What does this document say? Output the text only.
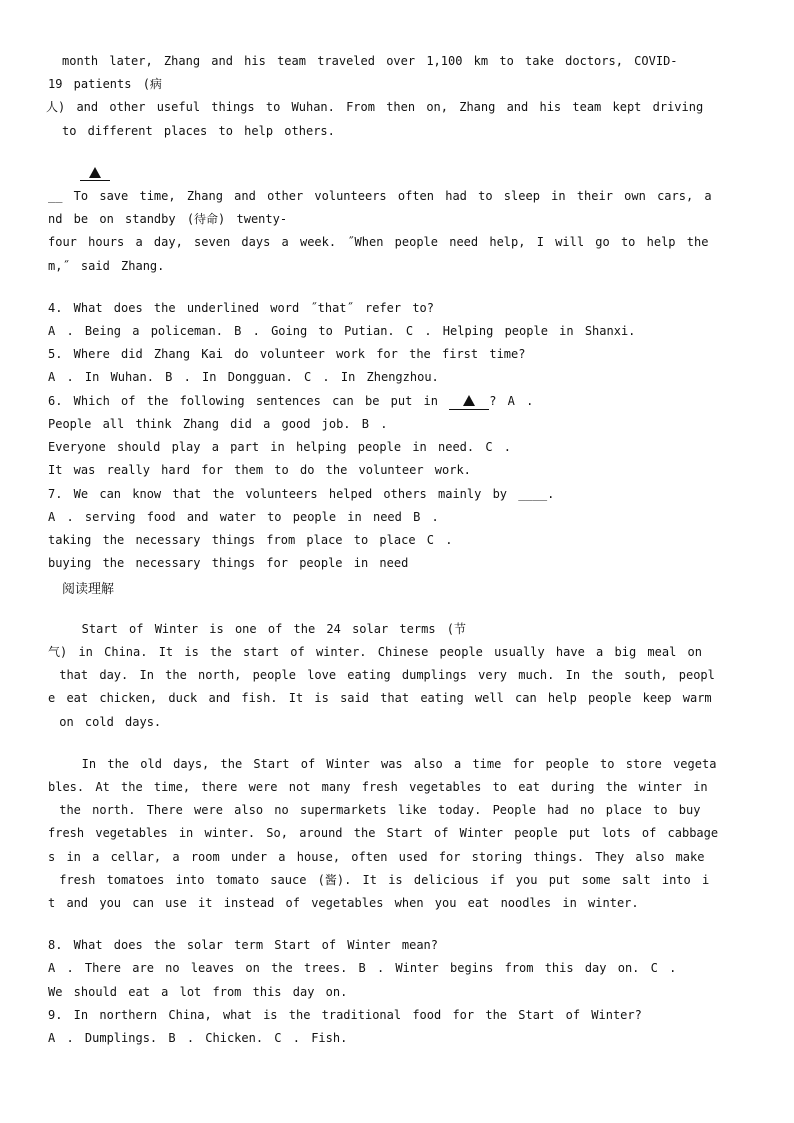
month later, Zhang and his team traveled over 1,100 km to take doctors, COVID-
19 patients (病
人) and other useful things to Wuhan. From then on, Zhang and his team kept driving
to different places to help others.
__ To save time, Zhang and other volunteers often had to sleep in their own cars, a
nd be on standby (待命) twenty-
four hours a day, seven days a week. ˝When people need help, I will go to help the
m,˝ said Zhang.
4. What does the underlined word ˝that˝ refer to?
A . Being a policeman. B . Going to Putian. C . Helping people in Shanxi.
5. Where did Zhang Kai do volunteer work for the first time?
A . In Wuhan. B . In Dongguan. C . In Zhengzhou.
6. Which of the following sentences can be put in	? A .
People all think Zhang did a good job. B .
Everyone should play a part in helping people in need. C .
It was really hard for them to do the volunteer work.
7. We can know that the volunteers helped others mainly by ____.
A . serving food and water to people in need B .
taking the necessary things from place to place C .
buying the necessary things for people in need
阅读理解
Start of Winter is one of the 24 solar terms (节
气) in China. It is the start of winter. Chinese people usually have a big meal on
that day. In the north, people love eating dumplings very much. In the south, peopl
e eat chicken, duck and fish. It is said that eating well can help people keep warm
on cold days.
In the old days, the Start of Winter was also a time for people to store vegeta
bles. At the time, there were not many fresh vegetables to eat during the winter in
the north. There were also no supermarkets like today. People had no place to buy
fresh vegetables in winter. So, around the Start of Winter people put lots of cabbage
s in a cellar, a room under a house, often used for storing things. They also make
fresh tomatoes into tomato sauce (酱). It is delicious if you put some salt into i
t and you can use it instead of vegetables when you eat noodles in winter.
8. What does the solar term Start of Winter mean?
A . There are no leaves on the trees. B . Winter begins from this day on. C .
We should eat a lot from this day on.
9. In northern China, what is the traditional food for the Start of Winter?
A . Dumplings. B . Chicken. C . Fish.
